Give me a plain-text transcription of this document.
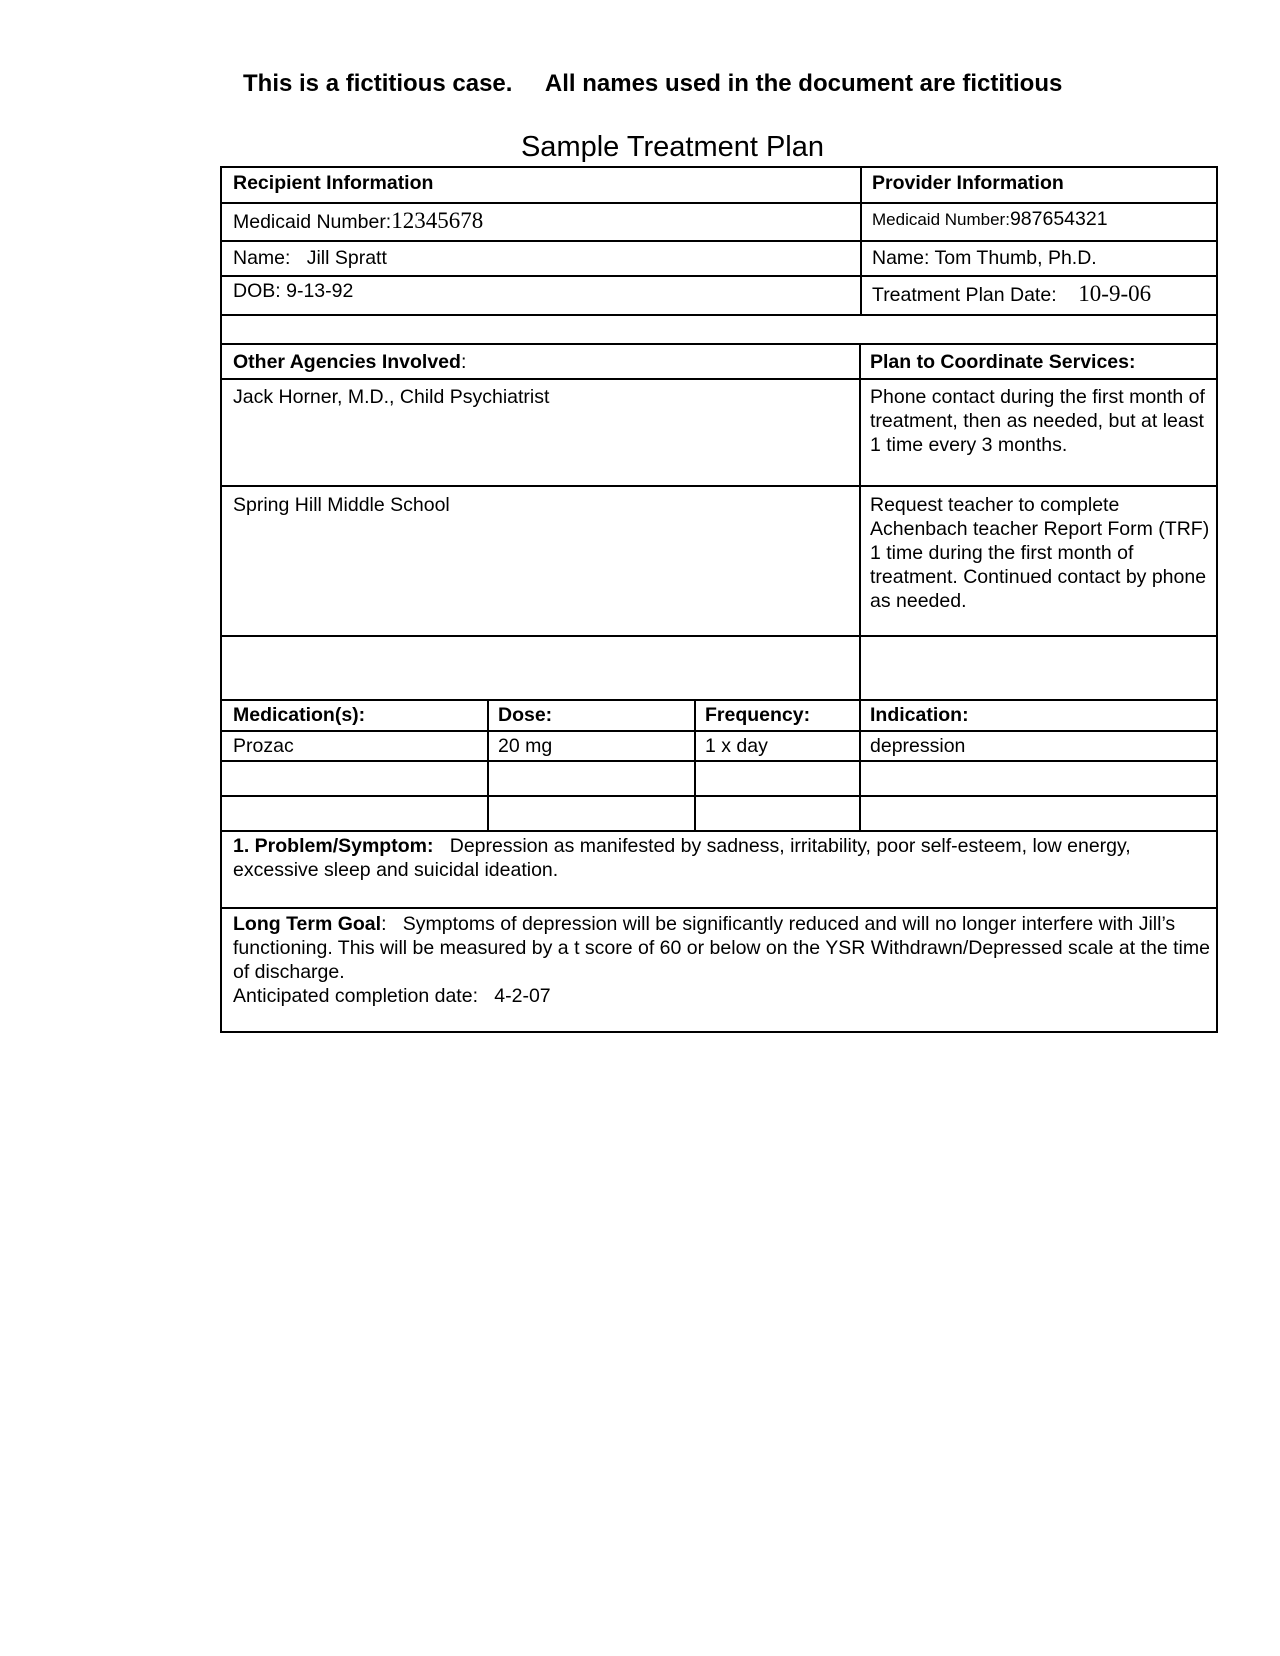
This is a fictitious case. All names used in the document are fictitious
Sample Treatment Plan
Recipient Information	Provider Information
Medicaid Number:12345678	Medicaid Number:987654321
Name: Jill Spratt	Name: Tom Thumb, Ph.D.
DOB: 9-13-92	Treatment Plan Date: 10-9-06
Other Agencies Involved:	Plan to Coordinate Services:
Jack Horner, M.D., Child Psychiatrist	Phone contact during the first month of treatment, then as needed, but at least 1 time every 3 months.
Spring Hill Middle School	Request teacher to complete Achenbach teacher Report Form (TRF) 1 time during the first month of treatment. Continued contact by phone as needed.
Medication(s):	Dose:	Frequency:	Indication:
Prozac	20 mg	1 x day	depression
1. Problem/Symptom: Depression as manifested by sadness, irritability, poor self-esteem, low energy, excessive sleep and suicidal ideation.
Long Term Goal: Symptoms of depression will be significantly reduced and will no longer interfere with Jill’s functioning. This will be measured by a t score of 60 or below on the YSR Withdrawn/Depressed scale at the time of discharge.
Anticipated completion date: 4-2-07
